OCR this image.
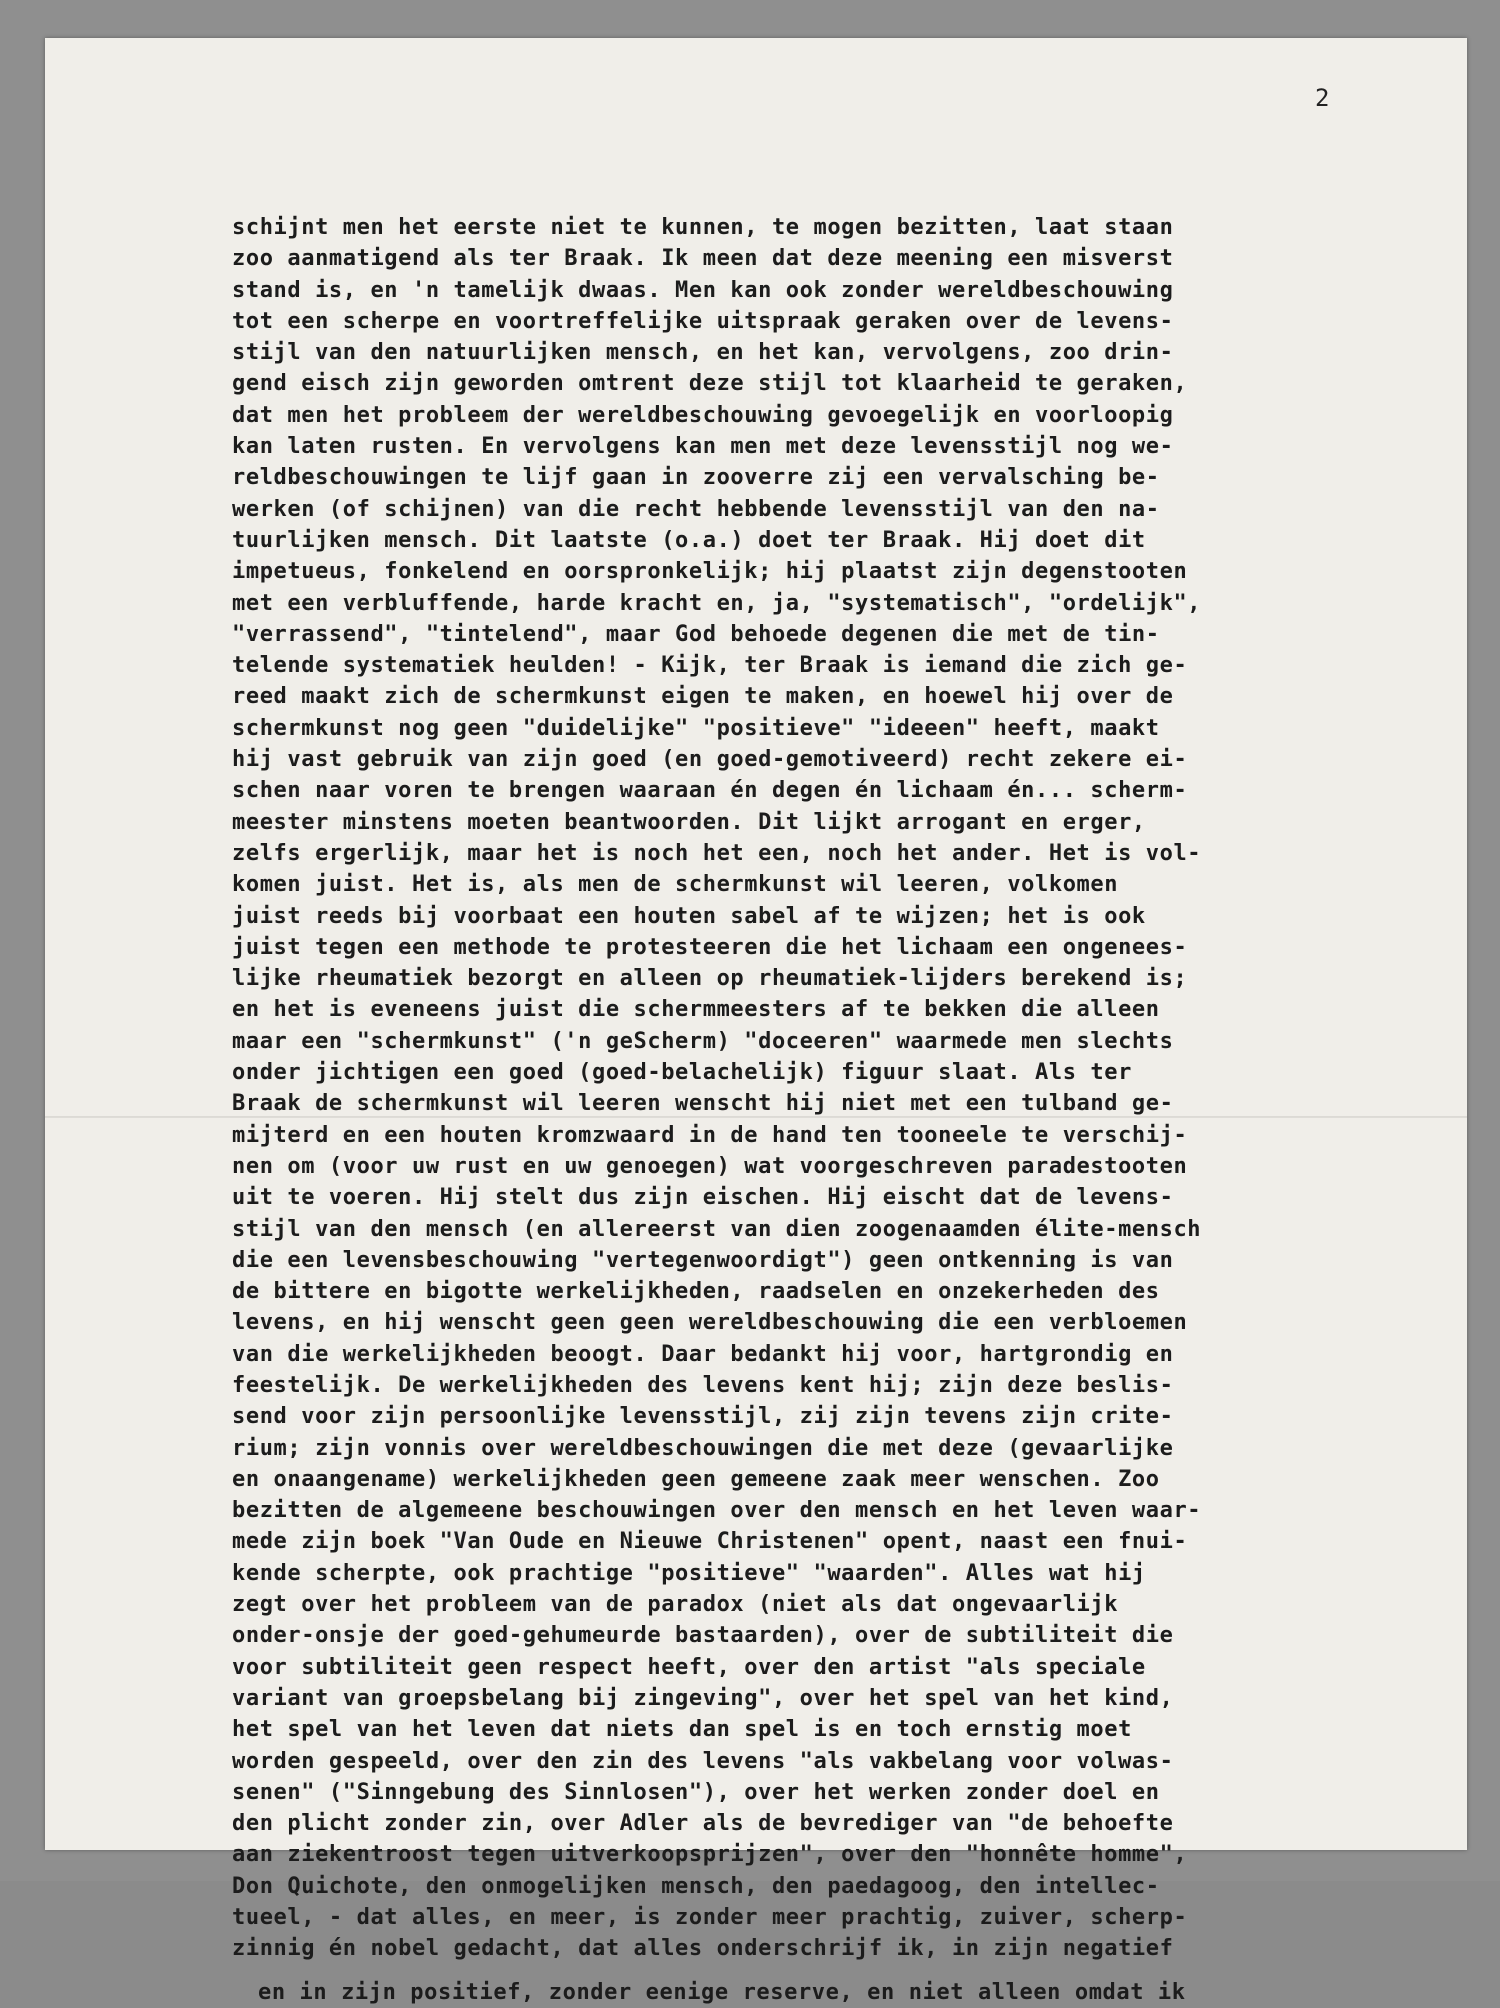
2
schijnt men het eerste niet te kunnen, te mogen bezitten, laat staan
zoo aanmatigend als ter Braak. Ik meen dat deze meening een misverst
stand is, en 'n tamelijk dwaas. Men kan ook zonder wereldbeschouwing
tot een scherpe en voortreffelijke uitspraak geraken over de levens-
stijl van den natuurlijken mensch, en het kan, vervolgens, zoo drin-
gend eisch zijn geworden omtrent deze stijl tot klaarheid te geraken,
dat men het probleem der wereldbeschouwing gevoegelijk en voorloopig
kan laten rusten. En vervolgens kan men met deze levensstijl nog we-
reldbeschouwingen te lijf gaan in zooverre zij een vervalsching be-
werken (of schijnen) van die recht hebbende levensstijl van den na-
tuurlijken mensch. Dit laatste (o.a.) doet ter Braak. Hij doet dit
impetueus, fonkelend en oorspronkelijk; hij plaatst zijn degenstooten
met een verbluffende, harde kracht en, ja, "systematisch", "ordelijk",
"verrassend", "tintelend", maar God behoede degenen die met de tin-
telende systematiek heulden! - Kijk, ter Braak is iemand die zich ge-
reed maakt zich de schermkunst eigen te maken, en hoewel hij over de
schermkunst nog geen "duidelijke" "positieve" "ideeen" heeft, maakt
hij vast gebruik van zijn goed (en goed-gemotiveerd) recht zekere ei-
schen naar voren te brengen waaraan én degen én lichaam én... scherm-
meester minstens moeten beantwoorden. Dit lijkt arrogant en erger,
zelfs ergerlijk, maar het is noch het een, noch het ander. Het is vol-
komen juist. Het is, als men de schermkunst wil leeren, volkomen
juist reeds bij voorbaat een houten sabel af te wijzen; het is ook
juist tegen een methode te protesteeren die het lichaam een ongenees-
lijke rheumatiek bezorgt en alleen op rheumatiek-lijders berekend is;
en het is eveneens juist die schermmeesters af te bekken die alleen
maar een "schermkunst" ('n geScherm) "doceeren" waarmede men slechts
onder jichtigen een goed (goed-belachelijk) figuur slaat. Als ter
Braak de schermkunst wil leeren wenscht hij niet met een tulband ge-
mijterd en een houten kromzwaard in de hand ten tooneele te verschij-
nen om (voor uw rust en uw genoegen) wat voorgeschreven paradestooten
uit te voeren. Hij stelt dus zijn eischen. Hij eischt dat de levens-
stijl van den mensch (en allereerst van dien zoogenaamden élite-mensch
die een levensbeschouwing "vertegenwoordigt") geen ontkenning is van
de bittere en bigotte werkelijkheden, raadselen en onzekerheden des
levens, en hij wenscht geen geen wereldbeschouwing die een verbloemen
van die werkelijkheden beoogt. Daar bedankt hij voor, hartgrondig en
feestelijk. De werkelijkheden des levens kent hij; zijn deze beslis-
send voor zijn persoonlijke levensstijl, zij zijn tevens zijn crite-
rium; zijn vonnis over wereldbeschouwingen die met deze (gevaarlijke
en onaangename) werkelijkheden geen gemeene zaak meer wenschen. Zoo
bezitten de algemeene beschouwingen over den mensch en het leven waar-
mede zijn boek "Van Oude en Nieuwe Christenen" opent, naast een fnui-
kende scherpte, ook prachtige "positieve" "waarden". Alles wat hij
zegt over het probleem van de paradox (niet als dat ongevaarlijk
onder-onsje der goed-gehumeurde bastaarden), over de subtiliteit die
voor subtiliteit geen respect heeft, over den artist "als speciale
variant van groepsbelang bij zingeving", over het spel van het kind,
het spel van het leven dat niets dan spel is en toch ernstig moet
worden gespeeld, over den zin des levens "als vakbelang voor volwas-
senen" ("Sinngebung des Sinnlosen"), over het werken zonder doel en
den plicht zonder zin, over Adler als de bevrediger van "de behoefte
aan ziekentroost tegen uitverkoopsprijzen", over den "honnête homme",
Don Quichote, den onmogelijken mensch, den paedagoog, den intellec-
tueel, - dat alles, en meer, is zonder meer prachtig, zuiver, scherp-
zinnig én nobel gedacht, dat alles onderschrijf ik, in zijn negatief
en in zijn positief, zonder eenige reserve, en niet alleen omdat ik
